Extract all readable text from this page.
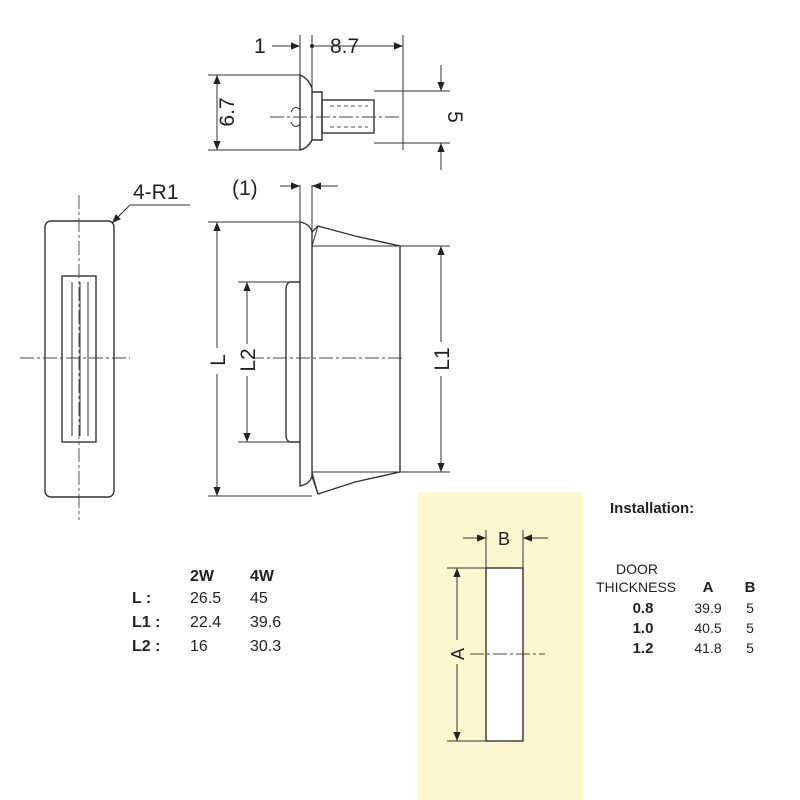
1	8.7
6.7	5
4-R1	(1)
L L2	L1
B
A
2W 4W
L : 26.5 45
L1 : 22.4 39.6
L2 : 16	30.3
Installation:
DOOR
THICKNESS A B
0.8	39.9 5
1.0	40.5 5
1.2	41.8 5
